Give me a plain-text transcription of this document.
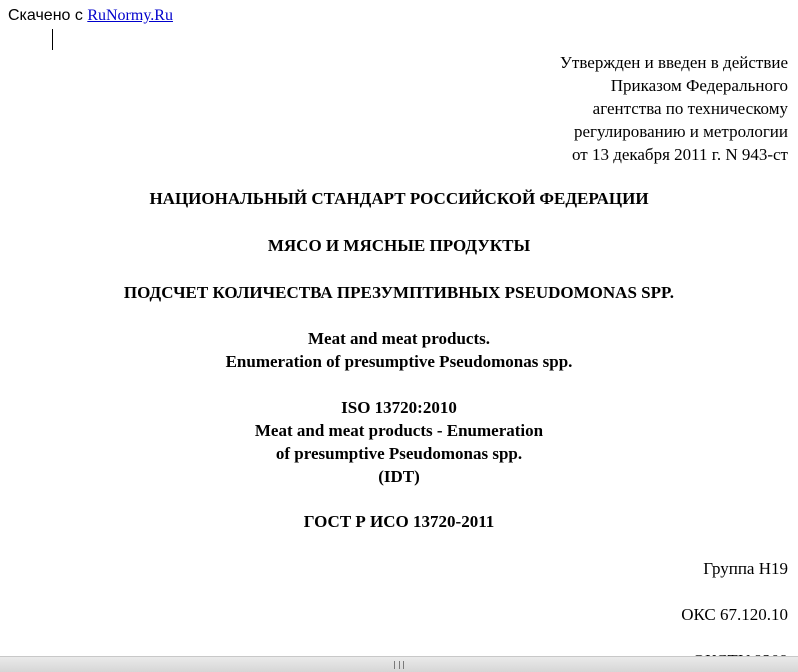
Скачено с RuNormy.Ru
Утвержден и введен в действие
Приказом Федерального
агентства по техническому
регулированию и метрологии
от 13 декабря 2011 г. N 943-ст
НАЦИОНАЛЬНЫЙ СТАНДАРТ РОССИЙСКОЙ ФЕДЕРАЦИИ
МЯСО И МЯСНЫЕ ПРОДУКТЫ
ПОДСЧЕТ КОЛИЧЕСТВА ПРЕЗУМПТИВНЫХ PSEUDOMONAS SPP.
Meat and meat products.
Enumeration of presumptive Pseudomonas spp.
ISO 13720:2010
Meat and meat products - Enumeration
of presumptive Pseudomonas spp.
(IDT)
ГОСТ Р ИСО 13720-2011
Группа Н19
ОКС 67.120.10
